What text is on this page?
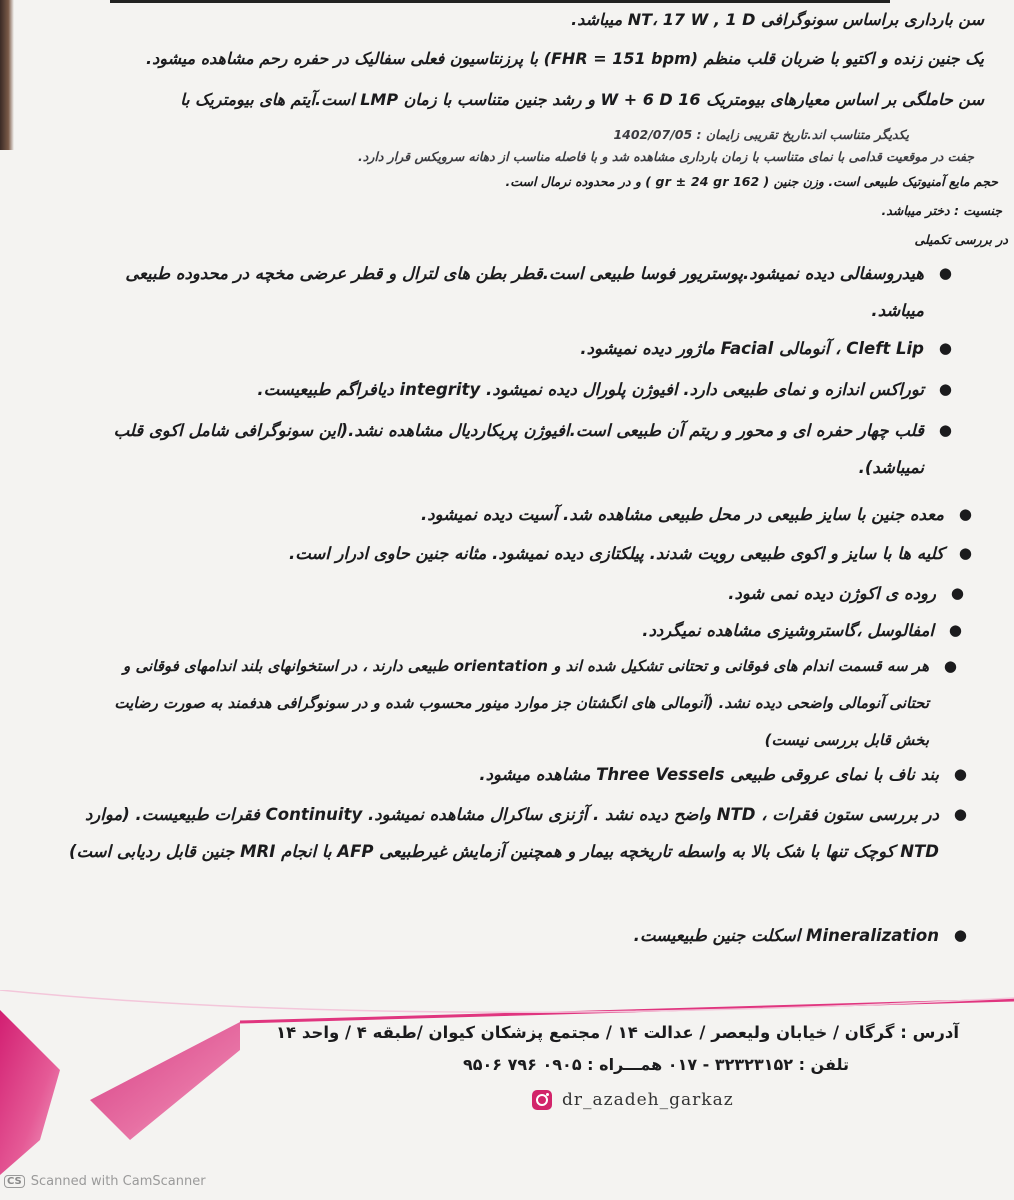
سن بارداری براساس سونوگرافی NT، 17 W , 1 D میباشد.
یک جنین زنده و اکتیو با ضربان قلب منظم (FHR = 151 bpm) با پرزنتاسیون فعلی سفالیک در حفره رحم مشاهده میشود.
سن حاملگی بر اساس معیارهای بیومتریک 16 W + 6 D و رشد جنین متناسب با زمان LMP است.آیتم های بیومتریک با
یکدیگر متناسب اند.تاریخ تقریبی زایمان : 1402/07/05
جفت در موقعیت قدامی با نمای متناسب با زمان بارداری مشاهده شد و با فاصله مناسب از دهانه سرویکس قرار دارد.
حجم مایع آمنیوتیک طبیعی است. وزن جنین ( 162 gr ± 24 gr ) و در محدوده نرمال است.
جنسیت : دختر میباشد.
در بررسی تکمیلی
●
هیدروسفالی دیده نمیشود.پوستریور فوسا طبیعی است.قطر بطن های لترال و قطر عرضی مخچه در محدوده طبیعی میباشد.
●
Cleft Lip ، آنومالی Facial ماژور دیده نمیشود.
●
توراکس اندازه و نمای طبیعی دارد. افیوژن پلورال دیده نمیشود. integrity دیافراگم طبیعیست.
●
قلب چهار حفره ای و محور و ریتم آن طبیعی است.افیوژن پریکاردیال مشاهده نشد.(این سونوگرافی شامل اکوی قلب نمیباشد).
●
معده جنین با سایز طبیعی در محل طبیعی مشاهده شد. آسیت دیده نمیشود.
●
کلیه ها با سایز و اکوی طبیعی رویت شدند. پیلکتازی دیده نمیشود. مثانه جنین حاوی ادرار است.
●
روده ی اکوژن دیده نمی شود.
●
امفالوسل ،گاستروشیزی مشاهده نمیگردد.
●
هر سه قسمت اندام های فوقانی و تحتانی تشکیل شده اند و orientation طبیعی دارند ، در استخوانهای بلند اندامهای فوقانی و تحتانی آنومالی واضحی دیده نشد. (آنومالی های انگشتان جز موارد مینور محسوب شده و در سونوگرافی هدفمند به صورت رضایت بخش قابل بررسی نیست)
●
بند ناف با نمای عروقی طبیعی Three Vessels مشاهده میشود.
●
در بررسی ستون فقرات ، NTD واضح دیده نشد . آژنزی ساکرال مشاهده نمیشود. Continuity فقرات طبیعیست. (موارد NTD کوچک تنها با شک بالا به واسطه تاریخچه بیمار و همچنین آزمایش غیرطبیعی AFP با انجام MRI جنین قابل ردیابی است)
●
Mineralization اسکلت جنین طبیعیست.
آدرس : گرگان / خیابان ولیعصر / عدالت ۱۴ / مجتمع پزشکان کیوان /طبقه ۴ / واحد ۱۴
تلفن : ۳۲۳۲۳۱۵۲ - ۰۱۷ همـــراه : ۰۹۰۵ ۷۹۶ ۹۵۰۶
dr_azadeh_garkaz
CS Scanned with CamScanner
